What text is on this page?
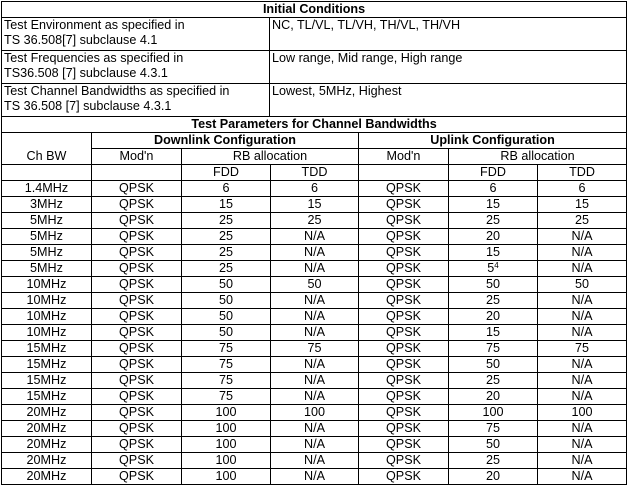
Initial Conditions	
Test Environment as specified in
TS 36.508[7] subclause 4.1	NC, TL/VL, TL/VH, TH/VL, TH/VH
Test Frequencies as specified in
TS36.508 [7] subclause 4.3.1	Low range, Mid range, High range
Test Channel Bandwidths as specified in
TS 36.508 [7] subclause 4.3.1	Lowest, 5MHz, Highest
Test Parameters for Channel Bandwidths						
	Downlink Configuration			Uplink Configuration		
Ch BW	Mod'n	RB allocation		Mod'n	RB allocation	
		FDD	TDD		FDD	TDD
1.4MHz	QPSK	6	6	QPSK	6	6
3MHz	QPSK	15	15	QPSK	15	15
5MHz	QPSK	25	25	QPSK	25	25
5MHz	QPSK	25	N/A	QPSK	20	N/A
5MHz	QPSK	25	N/A	QPSK	15	N/A
5MHz	QPSK	25	N/A	QPSK	$5^4$	N/A
10MHz	QPSK	50	50	QPSK	50	50
10MHz	QPSK	50	N/A	QPSK	25	N/A
10MHz	QPSK	50	N/A	QPSK	20	N/A
10MHz	QPSK	50	N/A	QPSK	15	N/A
15MHz	QPSK	75	75	QPSK	75	75
15MHz	QPSK	75	N/A	QPSK	50	N/A
15MHz	QPSK	75	N/A	QPSK	25	N/A
15MHz	QPSK	75	N/A	QPSK	20	N/A
20MHz	QPSK	100	100	QPSK	100	100
20MHz	QPSK	100	N/A	QPSK	75	N/A
20MHz	QPSK	100	N/A	QPSK	50	N/A
20MHz	QPSK	100	N/A	QPSK	25	N/A
20MHz	QPSK	100	N/A	QPSK	20	N/A
